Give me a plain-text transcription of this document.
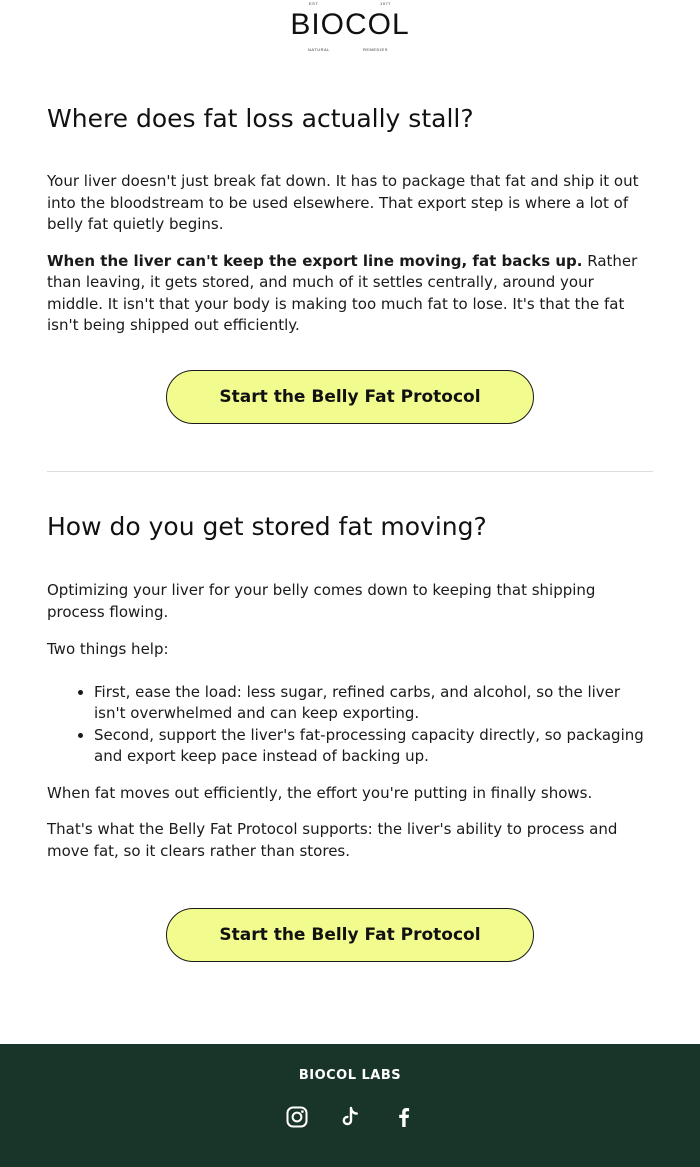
EST.	1977
BIOCOL
NATURAL	REMEDIES
Where does fat loss actually stall?

Your liver doesn't just break fat down. It has to package that fat and ship it out into the bloodstream to be used elsewhere. That export step is where a lot of belly fat quietly begins.

When the liver can't keep the export line moving, fat backs up. Rather than leaving, it gets stored, and much of it settles centrally, around your middle. It isn't that your body is making too much fat to lose. It's that the fat isn't being shipped out efficiently.

Start the Belly Fat Protocol
How do you get stored fat moving?

Optimizing your liver for your belly comes down to keeping that shipping process flowing.

Two things help:

• First, ease the load: less sugar, refined carbs, and alcohol, so the liver isn't overwhelmed and can keep exporting.
• Second, support the liver's fat-processing capacity directly, so packaging and export keep pace instead of backing up.

When fat moves out efficiently, the effort you're putting in finally shows.

That's what the Belly Fat Protocol supports: the liver's ability to process and move fat, so it clears rather than stores.

Start the Belly Fat Protocol
BIOCOL LABS
